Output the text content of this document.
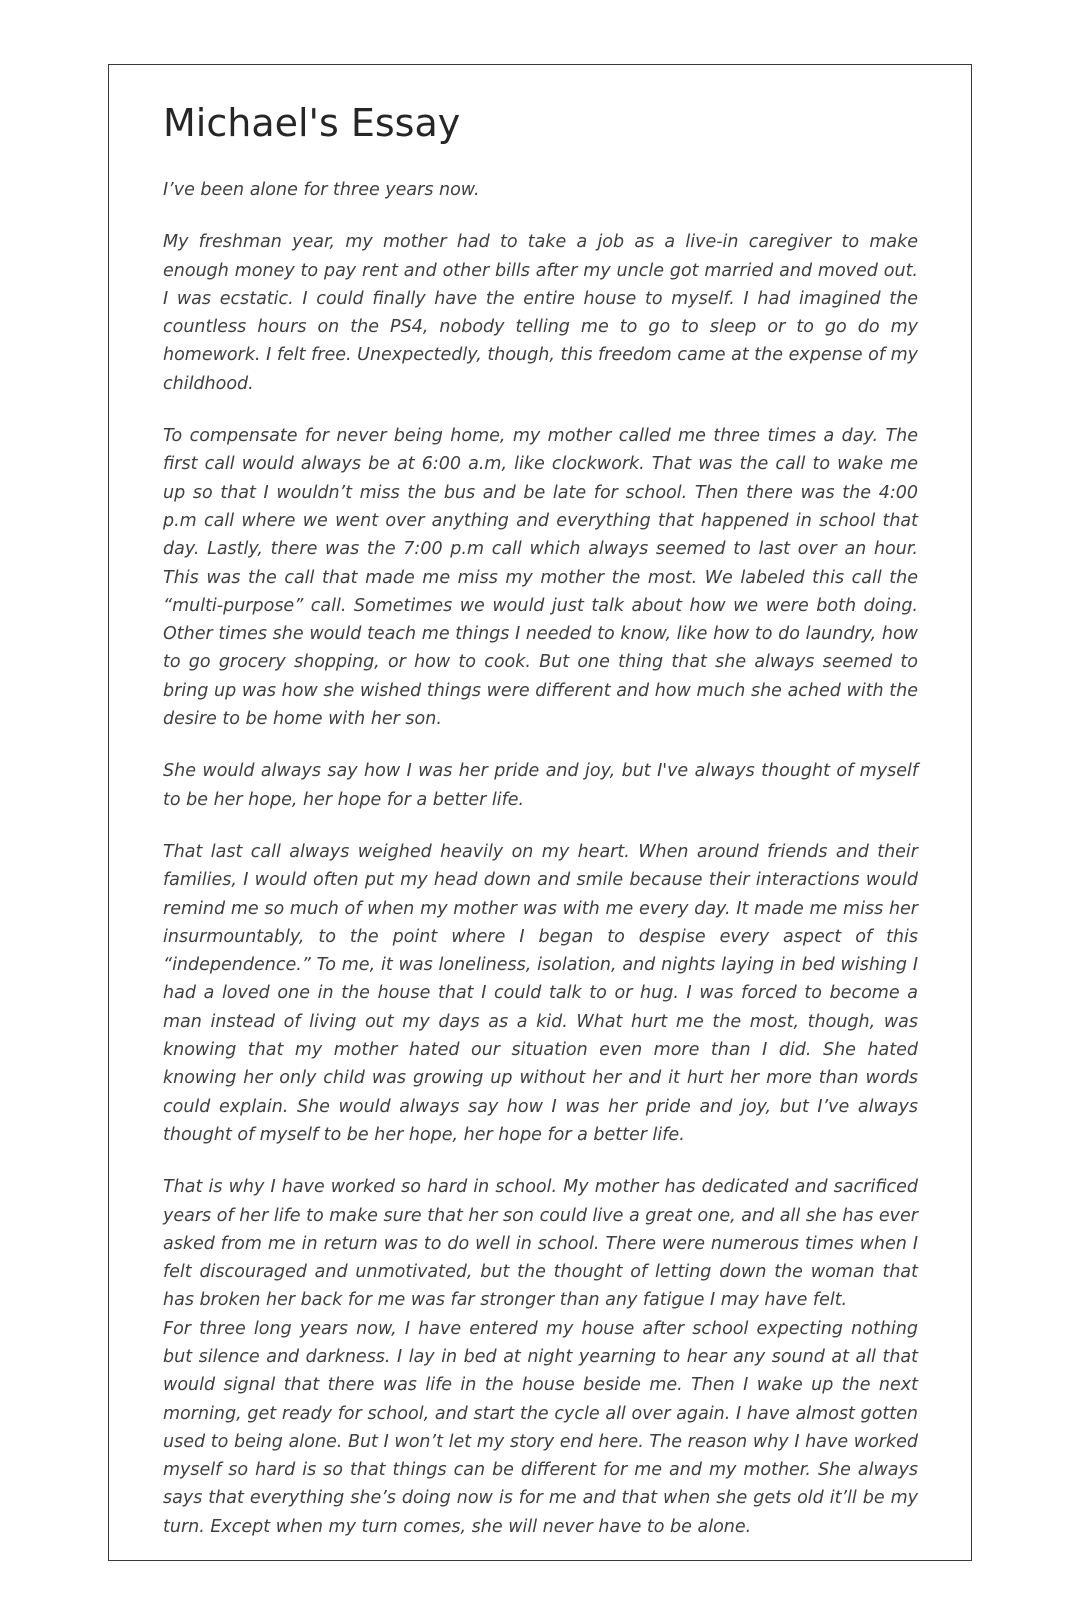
Michael's Essay

I’ve been alone for three years now.

My freshman year, my mother had to take a job as a live-in caregiver to make enough money to pay rent and other bills after my uncle got married and moved out. I was ecstatic. I could finally have the entire house to myself. I had imagined the countless hours on the PS4, nobody telling me to go to sleep or to go do my homework. I felt free. Unexpectedly, though, this freedom came at the expense of my childhood.

To compensate for never being home, my mother called me three times a day. The first call would always be at 6:00 a.m, like clockwork. That was the call to wake me up so that I wouldn’t miss the bus and be late for school. Then there was the 4:00 p.m call where we went over anything and everything that happened in school that day. Lastly, there was the 7:00 p.m call which always seemed to last over an hour. This was the call that made me miss my mother the most. We labeled this call the “multi-purpose” call. Sometimes we would just talk about how we were both doing. Other times she would teach me things I needed to know, like how to do laundry, how to go grocery shopping, or how to cook. But one thing that she always seemed to bring up was how she wished things were different and how much she ached with the desire to be home with her son.

She would always say how I was her pride and joy, but I've always thought of myself to be her hope, her hope for a better life.

That last call always weighed heavily on my heart. When around friends and their families, I would often put my head down and smile because their interactions would remind me so much of when my mother was with me every day. It made me miss her insurmountably, to the point where I began to despise every aspect of this “independence.” To me, it was loneliness, isolation, and nights laying in bed wishing I had a loved one in the house that I could talk to or hug. I was forced to become a man instead of living out my days as a kid. What hurt me the most, though, was knowing that my mother hated our situation even more than I did. She hated knowing her only child was growing up without her and it hurt her more than words could explain. She would always say how I was her pride and joy, but I’ve always thought of myself to be her hope, her hope for a better life.

That is why I have worked so hard in school. My mother has dedicated and sacrificed years of her life to make sure that her son could live a great one, and all she has ever asked from me in return was to do well in school. There were numerous times when I felt discouraged and unmotivated, but the thought of letting down the woman that has broken her back for me was far stronger than any fatigue I may have felt.

For three long years now, I have entered my house after school expecting nothing but silence and darkness. I lay in bed at night yearning to hear any sound at all that would signal that there was life in the house beside me. Then I wake up the next morning, get ready for school, and start the cycle all over again. I have almost gotten used to being alone. But I won’t let my story end here. The reason why I have worked myself so hard is so that things can be different for me and my mother. She always says that everything she’s doing now is for me and that when she gets old it’ll be my turn. Except when my turn comes, she will never have to be alone.
